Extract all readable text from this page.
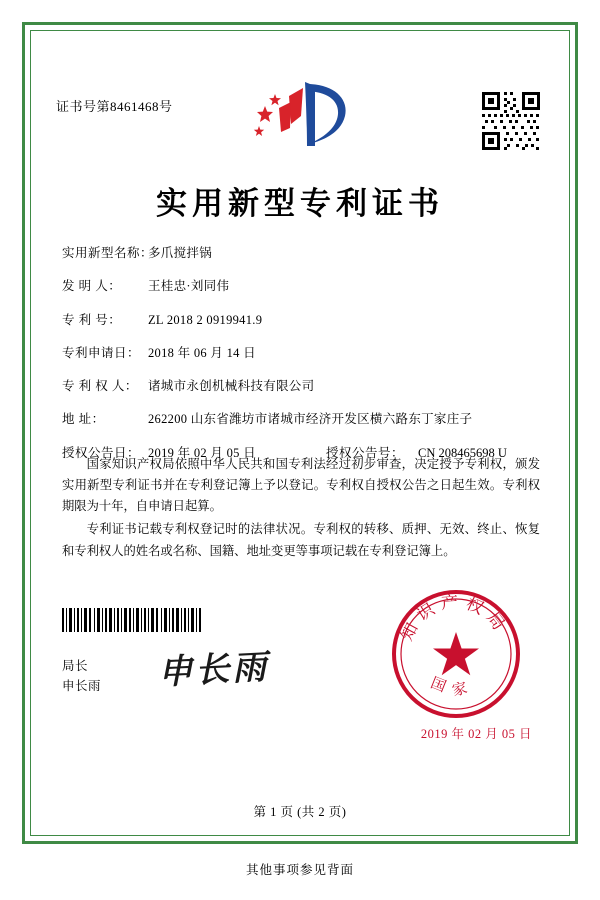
证书号第8461468号
实用新型专利证书
实用新型名称：
多爪搅拌锅
发 明 人：	王桂忠·刘同伟
专 利 号：	ZL 2018 2 0919941.9
专利申请日： 2018 年 06 月 14 日
专 利 权 人： 诸城市永创机械科技有限公司
地 址：	262200 山东省潍坊市诸城市经济开发区横六路东丁家庄子
授权公告日： 2019 年 02 月 05 日	授权公告号：	CN 208465698 U

国家知识产权局依照中华人民共和国专利法经过初步审查，决定授予专利权，颁发实用新型专利证书并在专利登记簿上予以登记。专利权自授权公告之日起生效。专利权期限为十年，自申请日起算。

专利证书记载专利权登记时的法律状况。专利权的转移、质押、无效、终止、恢复和专利权人的姓名或名称、国籍、地址变更等事项记载在专利登记簿上。

申长雨
局长
申长雨
知识产权局
国家
2019 年 02 月 05 日
第 1 页 (共 2 页)
其他事项参见背面
